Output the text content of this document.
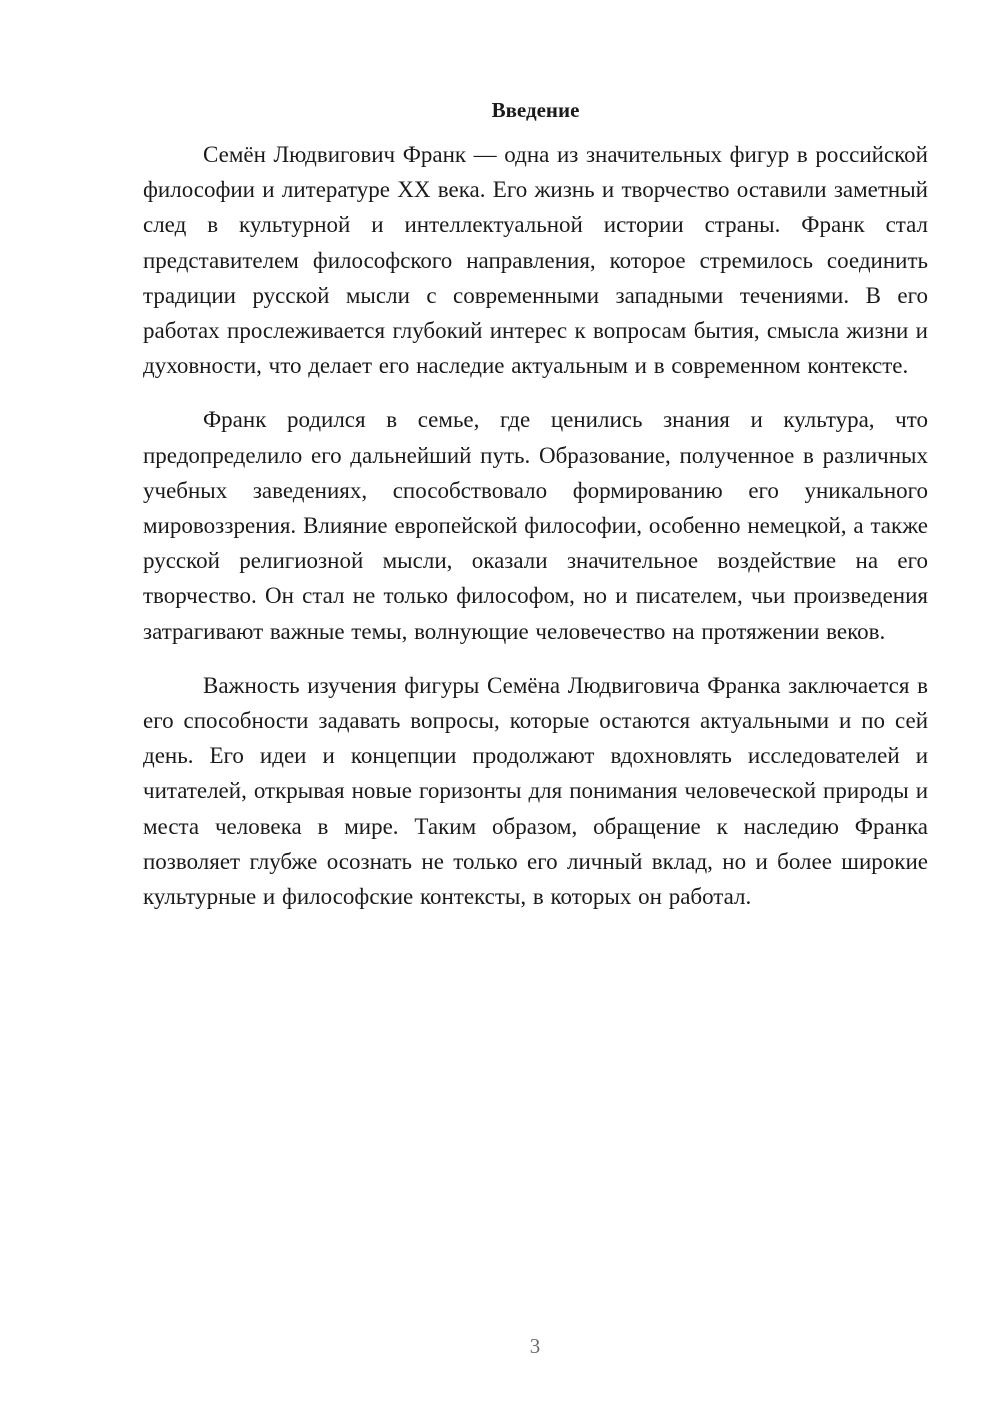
Введение

Семён Людвигович Франк — одна из значительных фигур в российской философии и литературе XX века. Его жизнь и творчество оставили заметный след в культурной и интеллектуальной истории страны. Франк стал представителем философского направления, которое стремилось соединить традиции русской мысли с современными западными течениями. В его работах прослеживается глубокий интерес к вопросам бытия, смысла жизни и духовности, что делает его наследие актуальным и в современном контексте.

Франк родился в семье, где ценились знания и культура, что предопределило его дальнейший путь. Образование, полученное в различных учебных заведениях, способствовало формированию его уникального мировоззрения. Влияние европейской философии, особенно немецкой, а также русской религиозной мысли, оказали значительное воздействие на его творчество. Он стал не только философом, но и писателем, чьи произведения затрагивают важные темы, волнующие человечество на протяжении веков.

Важность изучения фигуры Семёна Людвиговича Франка заключается в его способности задавать вопросы, которые остаются актуальными и по сей день. Его идеи и концепции продолжают вдохновлять исследователей и читателей, открывая новые горизонты для понимания человеческой природы и места человека в мире. Таким образом, обращение к наследию Франка позволяет глубже осознать не только его личный вклад, но и более широкие культурные и философские контексты, в которых он работал.

3
